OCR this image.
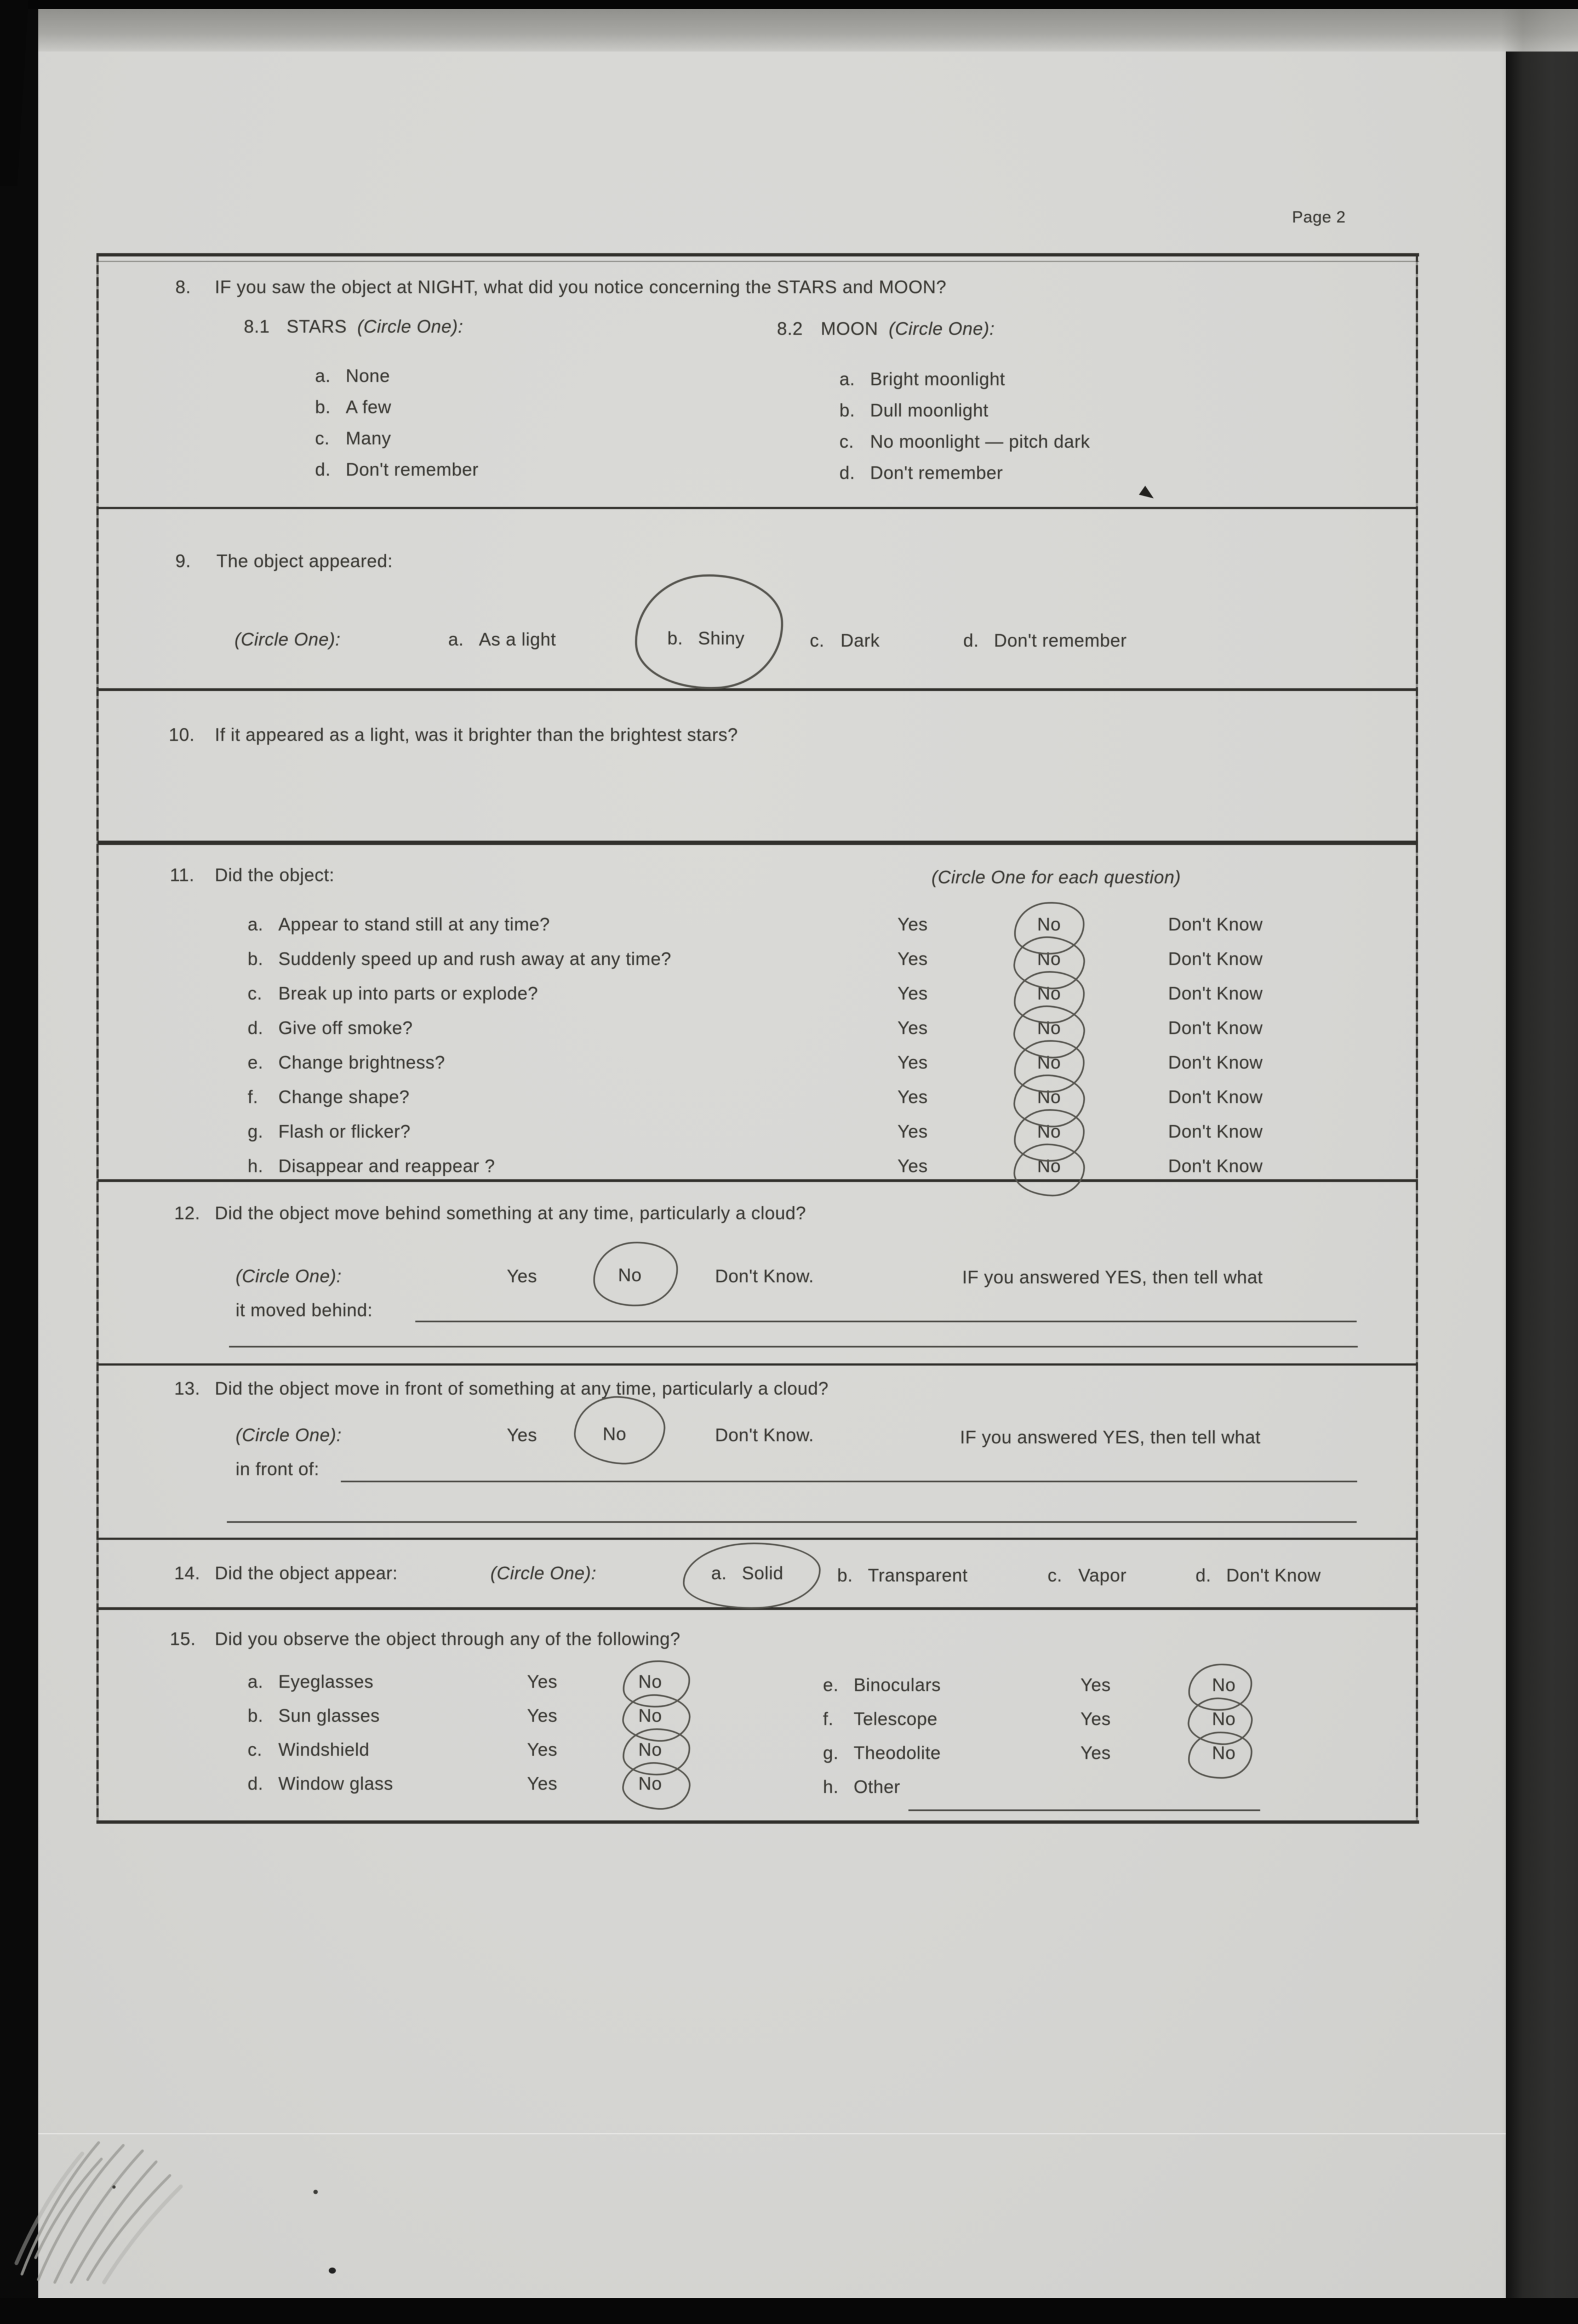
Page 2
8. IF you saw the object at NIGHT, what did you notice concerning the STARS and MOON?
8.1 STARS (Circle One):	8.2 MOON (Circle One):
a. None
b. A few
c. Many
d. Don't remember
a. Bright moonlight
b. Dull moonlight
c. No moonlight — pitch dark
d. Don't remember
9. The object appeared:
(Circle One):	a. As a light	b. Shiny	c. Dark	d. Don't remember
10. If it appeared as a light, was it brighter than the brightest stars?
11. Did the object:	(Circle One for each question)
a. Appear to stand still at any time?	Yes	No	Don't Know
b. Suddenly speed up and rush away at any time?	Yes	No	Don't Know
c. Break up into parts or explode?	Yes	No	Don't Know
d. Give off smoke?	Yes	No	Don't Know
e. Change brightness?	Yes	No	Don't Know
f. Change shape?	Yes	No	Don't Know
g. Flash or flicker?	Yes	No	Don't Know
h. Disappear and reappear ?	Yes	No	Don't Know
12. Did the object move behind something at any time, particularly a cloud?
(Circle One):	Yes	No	Don't Know.	IF you answered YES, then tell what
it moved behind:
13. Did the object move in front of something at any time, particularly a cloud?
(Circle One):	Yes	No	Don't Know.	IF you answered YES, then tell what
in front of:
14. Did the object appear:	(Circle One):	a. Solid	b. Transparent	c. Vapor	d. Don't Know
15. Did you observe the object through any of the following?
a. Eyeglasses	Yes	No
b. Sun glasses	Yes	No
c. Windshield	Yes	No
d. Window glass	Yes	No
e. Binoculars	Yes	No
f. Telescope	Yes	No
g. Theodolite	Yes	No
h. Other
